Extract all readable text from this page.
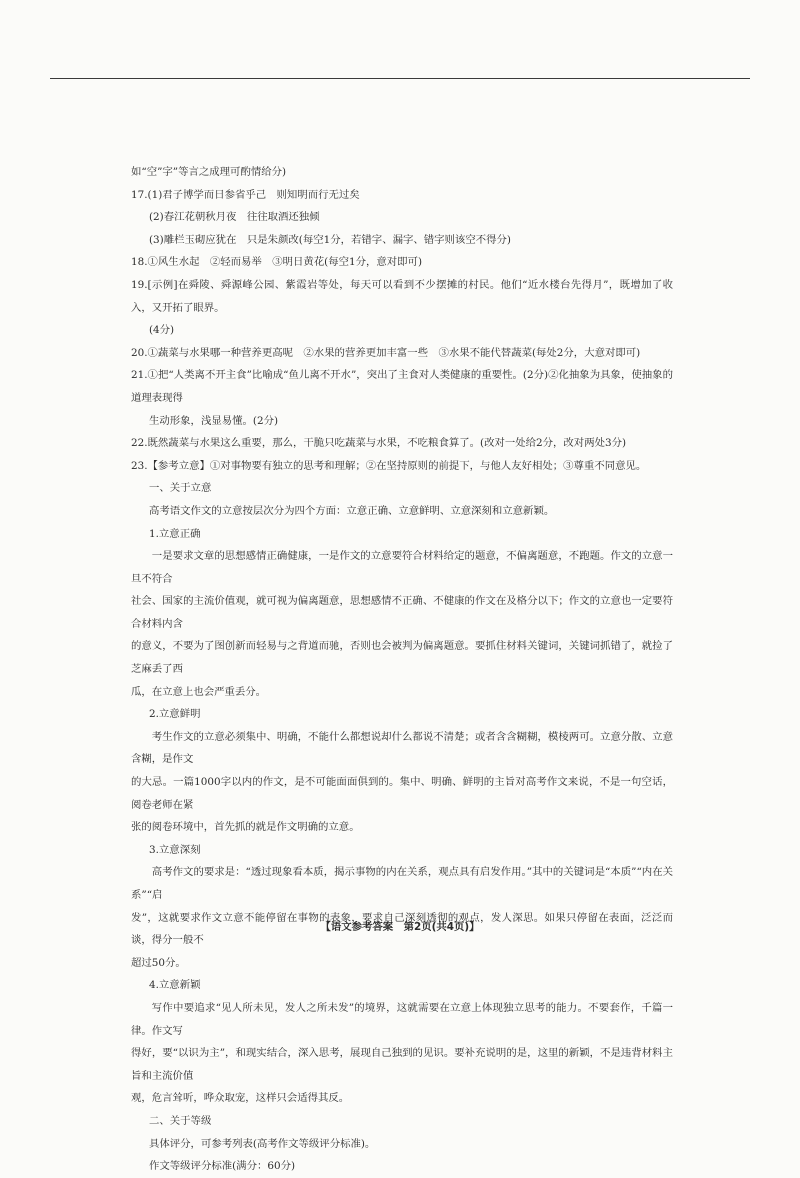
如“空”字”等言之成理可酌情给分)

17.(1)君子博学而日参省乎己　则知明而行无过矣

(2)春江花朝秋月夜　往往取酒还独倾

(3)雕栏玉砌应犹在　只是朱颜改(每空1分，若错字、漏字、错字则该空不得分)

18.①风生水起　②轻而易举　③明日黄花(每空1分，意对即可)

19.[示例]在舜陵、舜源峰公园、紫霞岩等处，每天可以看到不少摆摊的村民。他们“近水楼台先得月”，既增加了收入，又开拓了眼界。

(4分)

20.①蔬菜与水果哪一种营养更高呢　②水果的营养更加丰富一些　③水果不能代替蔬菜(每处2分，大意对即可)

21.①把“人类离不开主食”比喻成“鱼儿离不开水”，突出了主食对人类健康的重要性。(2分)②化抽象为具象，使抽象的道理表现得

生动形象，浅显易懂。(2分)

22.既然蔬菜与水果这么重要，那么，干脆只吃蔬菜与水果，不吃粮食算了。(改对一处给2分，改对两处3分)

23.【参考立意】①对事物要有独立的思考和理解；②在坚持原则的前提下，与他人友好相处；③尊重不同意见。

一、关于立意

高考语文作文的立意按层次分为四个方面：立意正确、立意鲜明、立意深刻和立意新颖。

1.立意正确

一是要求文章的思想感情正确健康，一是作文的立意要符合材料给定的题意，不偏离题意，不跑题。作文的立意一旦不符合

社会、国家的主流价值观，就可视为偏离题意，思想感情不正确、不健康的作文在及格分以下；作文的立意也一定要符合材料内含

的意义，不要为了图创新而轻易与之背道而驰，否则也会被判为偏离题意。要抓住材料关键词，关键词抓错了，就捡了芝麻丢了西

瓜，在立意上也会严重丢分。

2.立意鲜明

考生作文的立意必须集中、明确，不能什么都想说却什么都说不清楚；或者含含糊糊，模棱两可。立意分散、立意含糊，是作文

的大忌。一篇1000字以内的作文，是不可能面面俱到的。集中、明确、鲜明的主旨对高考作文来说，不是一句空话，阅卷老师在紧

张的阅卷环境中，首先抓的就是作文明确的立意。

3.立意深刻

高考作文的要求是：“透过现象看本质，揭示事物的内在关系，观点具有启发作用。”其中的关键词是“本质”“内在关系”“启

发”，这就要求作文立意不能停留在事物的表象，要求自己深刻透彻的观点，发人深思。如果只停留在表面，泛泛而谈，得分一般不

超过50分。

4.立意新颖

写作中要追求“见人所未见，发人之所未发”的境界，这就需要在立意上体现独立思考的能力。不要套作，千篇一律。作文写

得好，要“以识为主”，和现实结合，深入思考，展现自己独到的见识。要补充说明的是，这里的新颖，不是违背材料主旨和主流价值

观，危言耸听，哗众取宠，这样只会适得其反。

二、关于等级

具体评分，可参考列表(高考作文等级评分标准)。

作文等级评分标准(满分：60分)

【语文参考答案　第2页(共4页)】
